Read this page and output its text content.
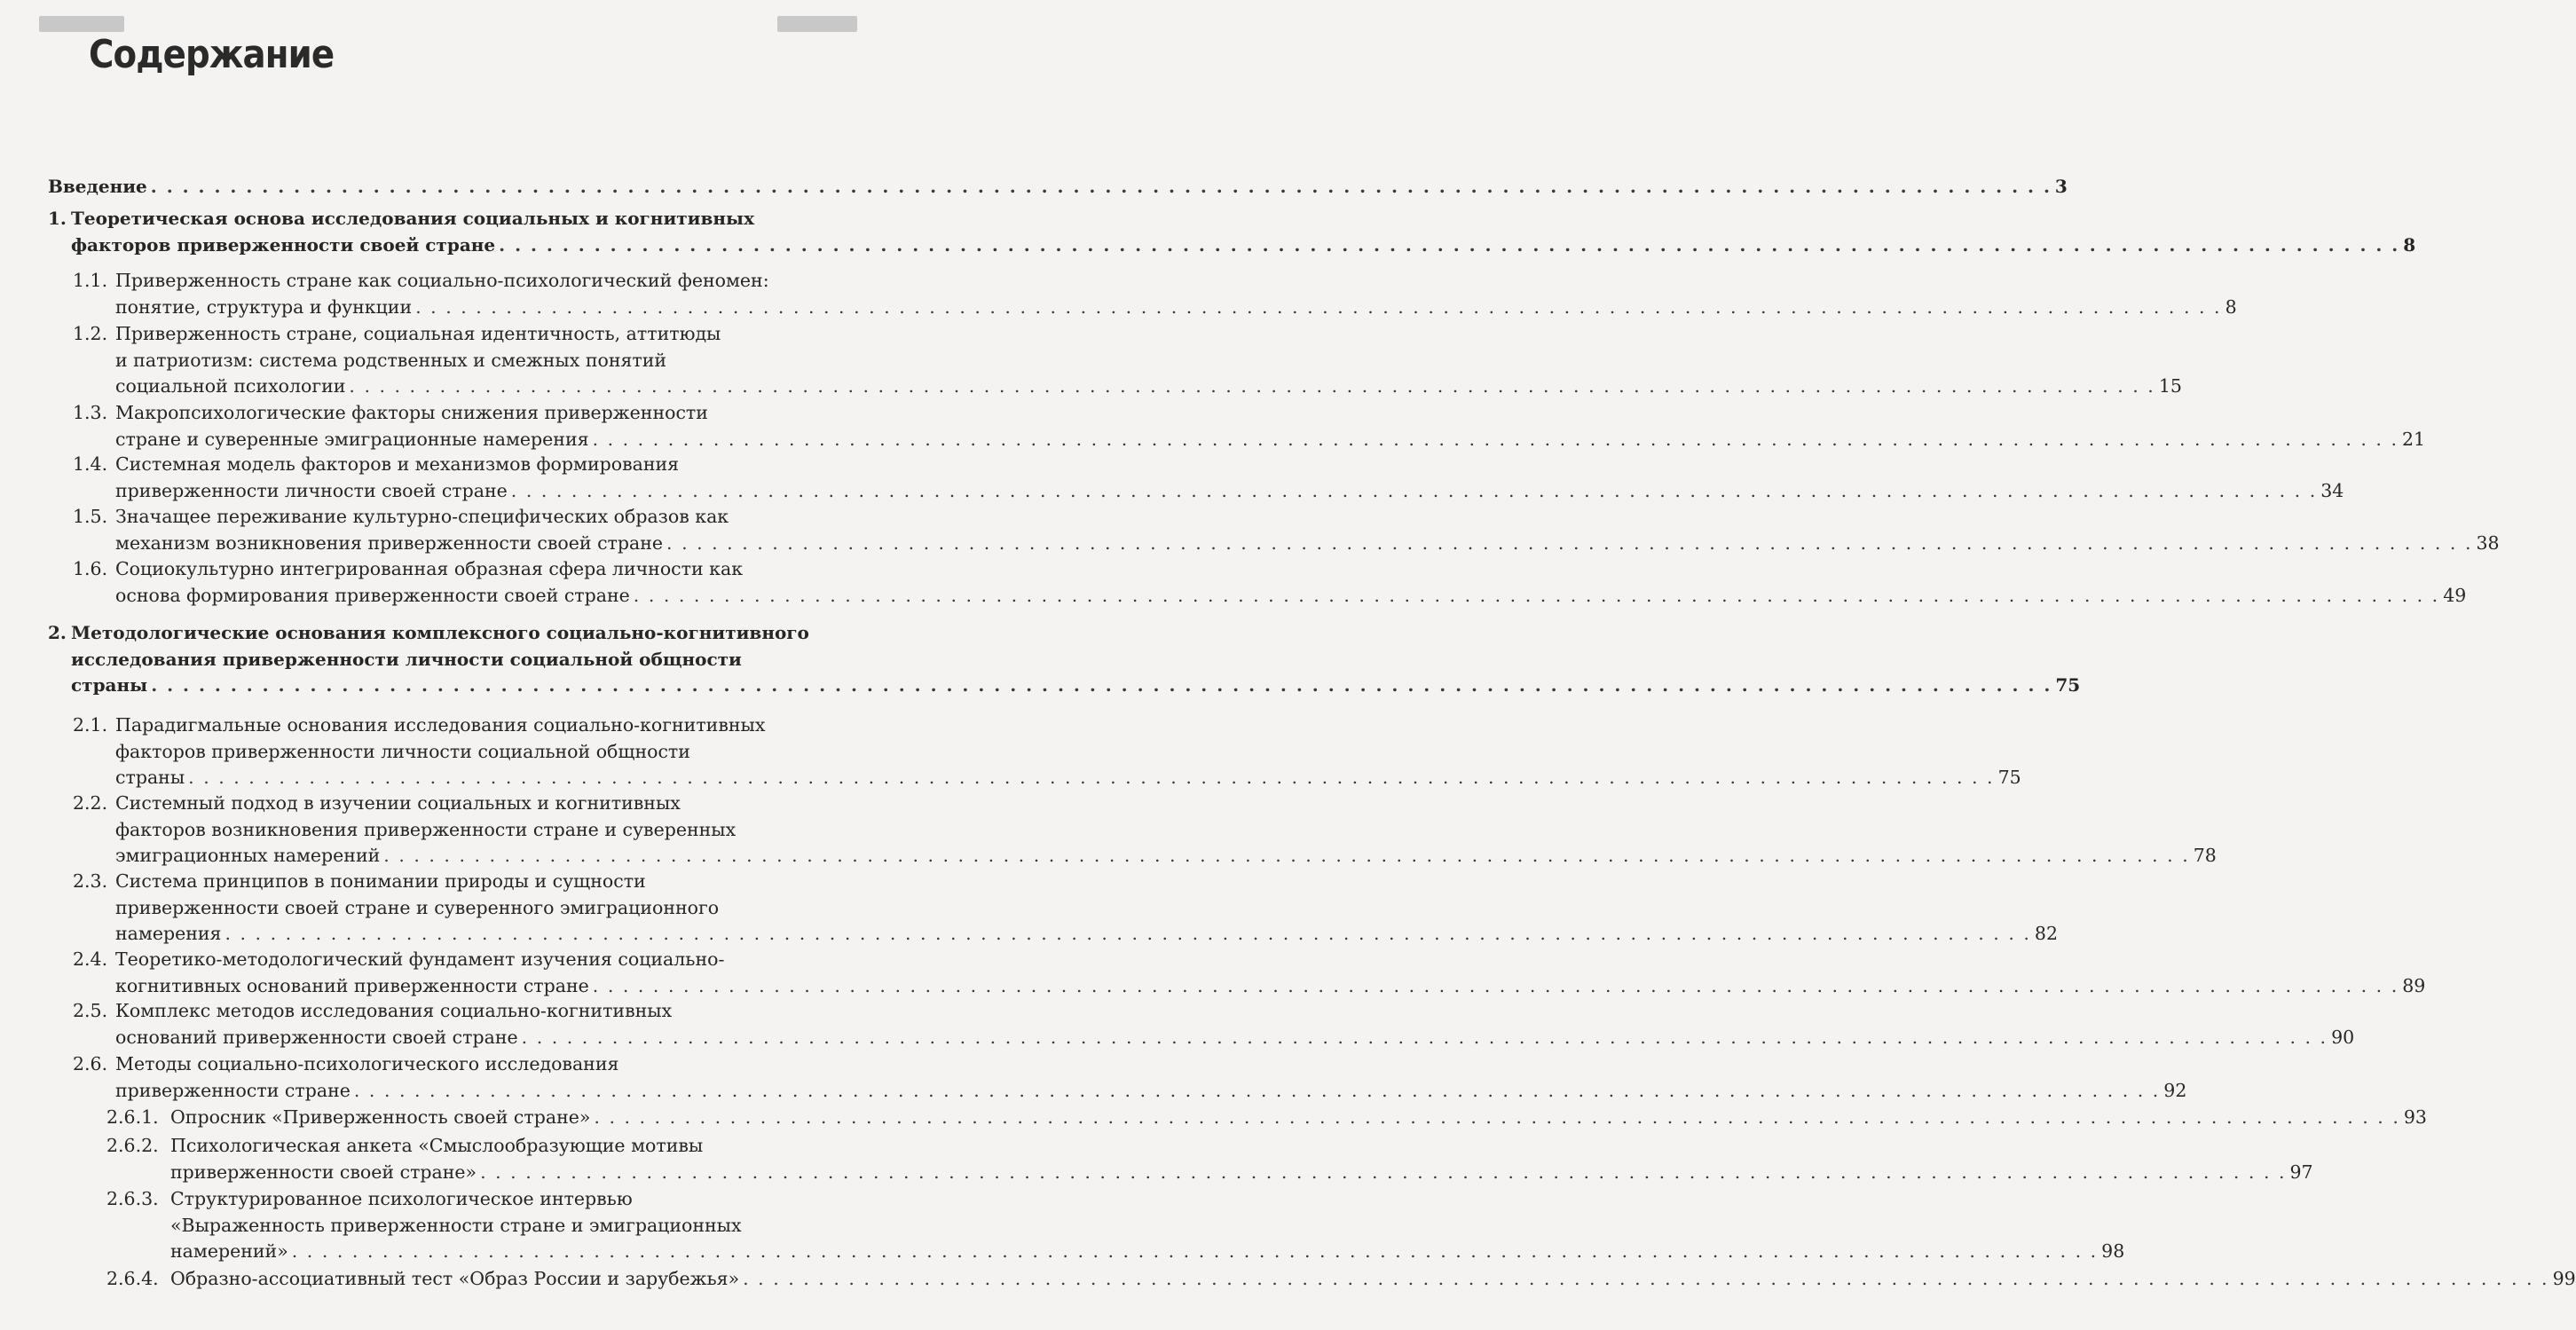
Содержание
Введение . . . . . . . . . . . . . . . . . . . . . . . . . . . . . . . . . . . . . . . . . . . . . . . . . . . . . . . . . . . . . . . . . . . . . . . . . . . . . . . . . . . . . . . . . . . . . . . . . . . . . . . . . . . . . . . . . . . . . . . . 3
1. Теоретическая основа исследования социальных и когнитивных
факторов приверженности своей стране . . . . . . . . . . . . . . . . . . . . . . . . . . . . . . . . . . . . . . . . . . . . . . . . . . . . . . . . . . . . . . . . . . . . . . . . . . . . . . . . . . . . . . . . . . . . . . . . . . . . . . . . . . . . . . . . . . . . . . . . 8
1.1. Приверженность стране как социально-психологический феномен:
понятие, структура и функции . . . . . . . . . . . . . . . . . . . . . . . . . . . . . . . . . . . . . . . . . . . . . . . . . . . . . . . . . . . . . . . . . . . . . . . . . . . . . . . . . . . . . . . . . . . . . . . . . . . . . . . . . . . . . . . . . . . . . . . . 8
1.2. Приверженность стране, социальная идентичность, аттитюды
и патриотизм: система родственных и смежных понятий
социальной психологии . . . . . . . . . . . . . . . . . . . . . . . . . . . . . . . . . . . . . . . . . . . . . . . . . . . . . . . . . . . . . . . . . . . . . . . . . . . . . . . . . . . . . . . . . . . . . . . . . . . . . . . . . . . . . . . . . . . . . . . . 15
1.3. Макропсихологические факторы снижения приверженности
стране и суверенные эмиграционные намерения . . . . . . . . . . . . . . . . . . . . . . . . . . . . . . . . . . . . . . . . . . . . . . . . . . . . . . . . . . . . . . . . . . . . . . . . . . . . . . . . . . . . . . . . . . . . . . . . . . . . . . . . . . . . . . . . . . . . . . . . 21
1.4. Системная модель факторов и механизмов формирования
приверженности личности своей стране . . . . . . . . . . . . . . . . . . . . . . . . . . . . . . . . . . . . . . . . . . . . . . . . . . . . . . . . . . . . . . . . . . . . . . . . . . . . . . . . . . . . . . . . . . . . . . . . . . . . . . . . . . . . . . . . . . . . . . . . 34
1.5. Значащее переживание культурно-специфических образов как
механизм возникновения приверженности своей стране . . . . . . . . . . . . . . . . . . . . . . . . . . . . . . . . . . . . . . . . . . . . . . . . . . . . . . . . . . . . . . . . . . . . . . . . . . . . . . . . . . . . . . . . . . . . . . . . . . . . . . . . . . . . . . . . . . . . . . . . 38
1.6. Социокультурно интегрированная образная сфера личности как
основа формирования приверженности своей стране . . . . . . . . . . . . . . . . . . . . . . . . . . . . . . . . . . . . . . . . . . . . . . . . . . . . . . . . . . . . . . . . . . . . . . . . . . . . . . . . . . . . . . . . . . . . . . . . . . . . . . . . . . . . . . . . . . . . . . . . 49
2. Методологические основания комплексного социально-когнитивного
исследования приверженности личности социальной общности
страны . . . . . . . . . . . . . . . . . . . . . . . . . . . . . . . . . . . . . . . . . . . . . . . . . . . . . . . . . . . . . . . . . . . . . . . . . . . . . . . . . . . . . . . . . . . . . . . . . . . . . . . . . . . . . . . . . . . . . . . . 75
2.1. Парадигмальные основания исследования социально-когнитивных
факторов приверженности личности социальной общности
страны . . . . . . . . . . . . . . . . . . . . . . . . . . . . . . . . . . . . . . . . . . . . . . . . . . . . . . . . . . . . . . . . . . . . . . . . . . . . . . . . . . . . . . . . . . . . . . . . . . . . . . . . . . . . . . . . . . . . . . . . 75
2.2. Системный подход в изучении социальных и когнитивных
факторов возникновения приверженности стране и суверенных
эмиграционных намерений . . . . . . . . . . . . . . . . . . . . . . . . . . . . . . . . . . . . . . . . . . . . . . . . . . . . . . . . . . . . . . . . . . . . . . . . . . . . . . . . . . . . . . . . . . . . . . . . . . . . . . . . . . . . . . . . . . . . . . . . 78
2.3. Система принципов в понимании природы и сущности
приверженности своей стране и суверенного эмиграционного
намерения . . . . . . . . . . . . . . . . . . . . . . . . . . . . . . . . . . . . . . . . . . . . . . . . . . . . . . . . . . . . . . . . . . . . . . . . . . . . . . . . . . . . . . . . . . . . . . . . . . . . . . . . . . . . . . . . . . . . . . . . 82
2.4. Теоретико-методологический фундамент изучения социально-
когнитивных оснований приверженности стране . . . . . . . . . . . . . . . . . . . . . . . . . . . . . . . . . . . . . . . . . . . . . . . . . . . . . . . . . . . . . . . . . . . . . . . . . . . . . . . . . . . . . . . . . . . . . . . . . . . . . . . . . . . . . . . . . . . . . . . . 89
2.5. Комплекс методов исследования социально-когнитивных
оснований приверженности своей стране . . . . . . . . . . . . . . . . . . . . . . . . . . . . . . . . . . . . . . . . . . . . . . . . . . . . . . . . . . . . . . . . . . . . . . . . . . . . . . . . . . . . . . . . . . . . . . . . . . . . . . . . . . . . . . . . . . . . . . . . 90
2.6. Методы социально-психологического исследования
приверженности стране . . . . . . . . . . . . . . . . . . . . . . . . . . . . . . . . . . . . . . . . . . . . . . . . . . . . . . . . . . . . . . . . . . . . . . . . . . . . . . . . . . . . . . . . . . . . . . . . . . . . . . . . . . . . . . . . . . . . . . . . 92
2.6.1. Опросник «Приверженность своей стране» . . . . . . . . . . . . . . . . . . . . . . . . . . . . . . . . . . . . . . . . . . . . . . . . . . . . . . . . . . . . . . . . . . . . . . . . . . . . . . . . . . . . . . . . . . . . . . . . . . . . . . . . . . . . . . . . . . . . . . . . 93
2.6.2. Психологическая анкета «Смыслообразующие мотивы
приверженности своей стране» . . . . . . . . . . . . . . . . . . . . . . . . . . . . . . . . . . . . . . . . . . . . . . . . . . . . . . . . . . . . . . . . . . . . . . . . . . . . . . . . . . . . . . . . . . . . . . . . . . . . . . . . . . . . . . . . . . . . . . . . 97
2.6.3. Структурированное психологическое интервью
«Выраженность приверженности стране и эмиграционных
намерений» . . . . . . . . . . . . . . . . . . . . . . . . . . . . . . . . . . . . . . . . . . . . . . . . . . . . . . . . . . . . . . . . . . . . . . . . . . . . . . . . . . . . . . . . . . . . . . . . . . . . . . . . . . . . . . . . . . . . . . . . 98
2.6.4. Образно-ассоциативный тест «Образ России и зарубежья» . . . . . . . . . . . . . . . . . . . . . . . . . . . . . . . . . . . . . . . . . . . . . . . . . . . . . . . . . . . . . . . . . . . . . . . . . . . . . . . . . . . . . . . . . . . . . . . . . . . . . . . . . . . . . . . . . . . . . . . . 99
